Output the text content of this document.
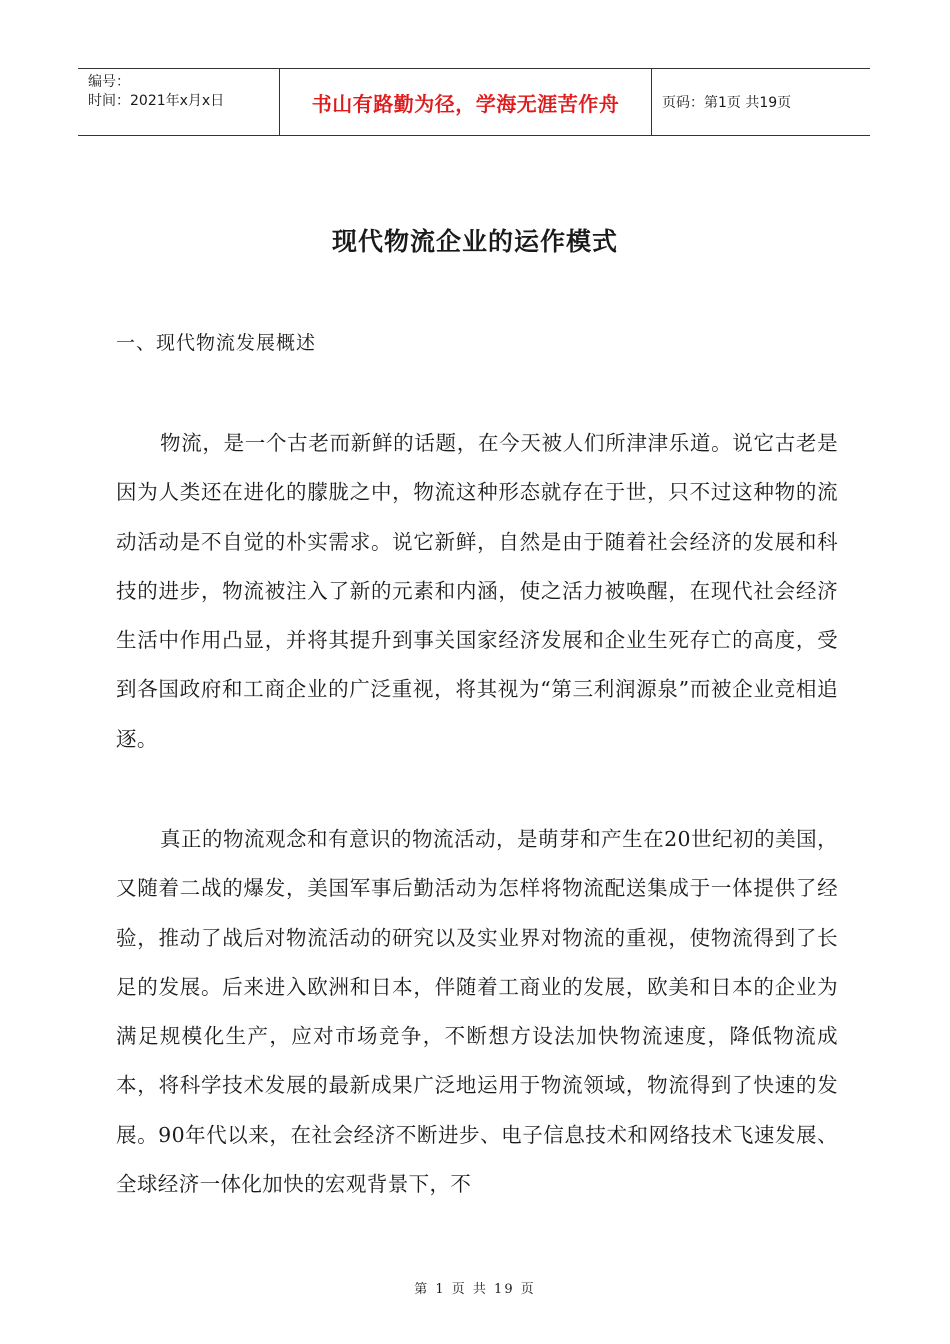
编号：
时间：2021年x月x日	书山有路勤为径，学海无涯苦作舟	页码：第1页 共19页
现代物流企业的运作模式
一、现代物流发展概述
物流，是一个古老而新鲜的话题，在今天被人们所津津乐道。说它古老是因为人类还在进化的朦胧之中，物流这种形态就存在于世，只不过这种物的流动活动是不自觉的朴实需求。说它新鲜，自然是由于随着社会经济的发展和科技的进步，物流被注入了新的元素和内涵，使之活力被唤醒，在现代社会经济生活中作用凸显，并将其提升到事关国家经济发展和企业生死存亡的高度，受到各国政府和工商企业的广泛重视，将其视为“第三利润源泉”而被企业竞相追逐。
真正的物流观念和有意识的物流活动，是萌芽和产生在20世纪初的美国，又随着二战的爆发，美国军事后勤活动为怎样将物流配送集成于一体提供了经验，推动了战后对物流活动的研究以及实业界对物流的重视，使物流得到了长足的发展。后来进入欧洲和日本，伴随着工商业的发展，欧美和日本的企业为满足规模化生产，应对市场竞争，不断想方设法加快物流速度，降低物流成本，将科学技术发展的最新成果广泛地运用于物流领域，物流得到了快速的发展。90年代以来，在社会经济不断进步、电子信息技术和网络技术飞速发展、全球经济一体化加快的宏观背景下，不
第 1 页 共 19 页
